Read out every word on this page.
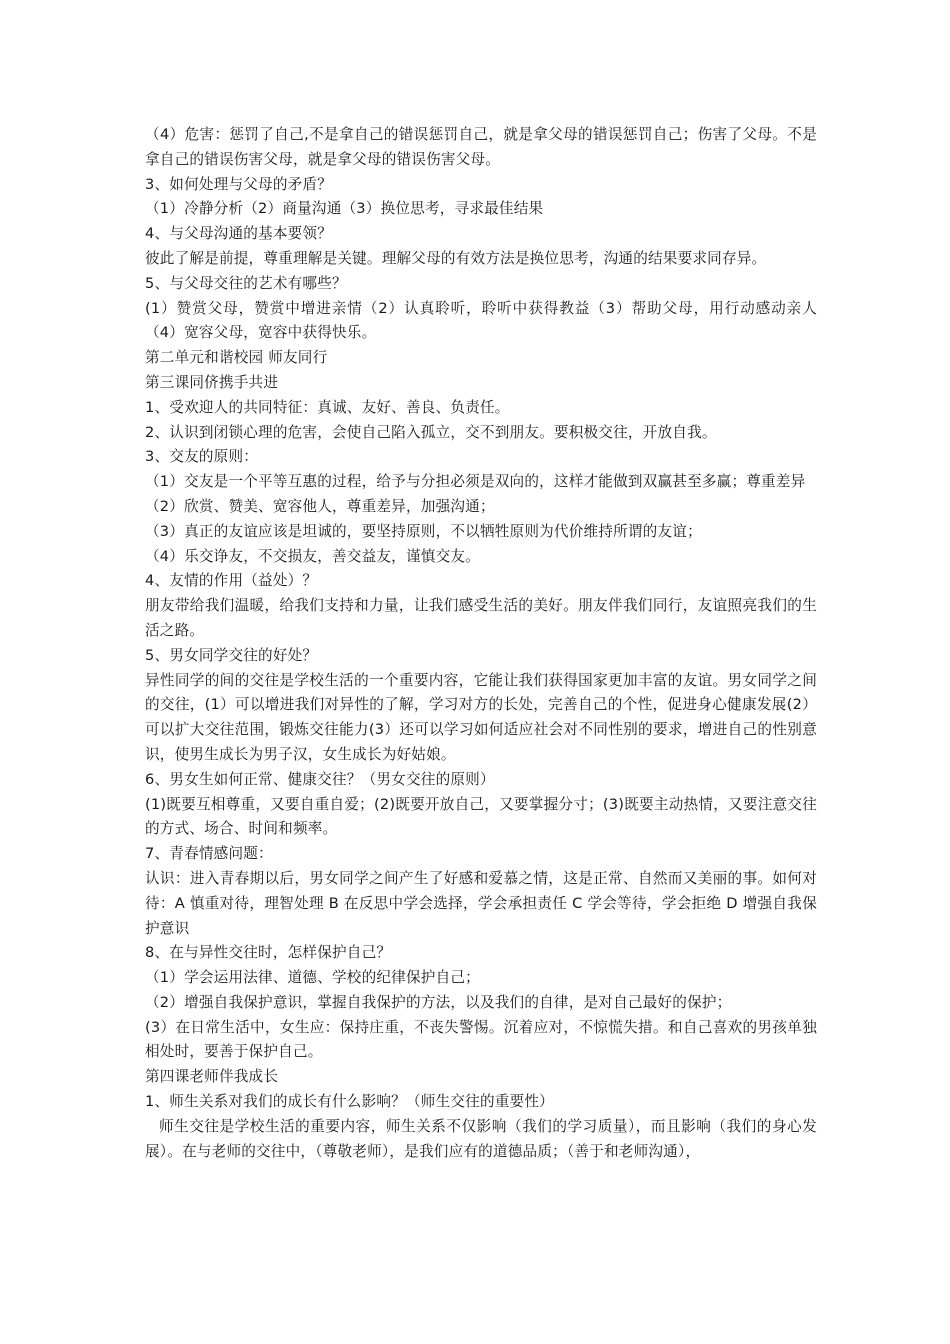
（4）危害：惩罚了自己,不是拿自己的错误惩罚自己，就是拿父母的错误惩罚自己；伤害了父母。不是拿自己的错误伤害父母，就是拿父母的错误伤害父母。

3、如何处理与父母的矛盾？

（1）冷静分析（2）商量沟通（3）换位思考，寻求最佳结果

4、与父母沟通的基本要领？

彼此了解是前提，尊重理解是关键。理解父母的有效方法是换位思考，沟通的结果要求同存异。

5、与父母交往的艺术有哪些？

(1）赞赏父母，赞赏中增进亲情（2）认真聆听，聆听中获得教益（3）帮助父母，用行动感动亲人（4）宽容父母，宽容中获得快乐。

第二单元和谐校园 师友同行

第三课同侪携手共进

1、受欢迎人的共同特征：真诚、友好、善良、负责任。

2、认识到闭锁心理的危害，会使自己陷入孤立，交不到朋友。要积极交往，开放自我。

3、交友的原则：

（1）交友是一个平等互惠的过程，给予与分担必须是双向的，这样才能做到双赢甚至多赢；尊重差异

（2）欣赏、赞美、宽容他人，尊重差异，加强沟通；

（3）真正的友谊应该是坦诚的，要坚持原则，不以牺牲原则为代价维持所谓的友谊；

（4）乐交诤友，不交损友，善交益友，谨慎交友。

4、友情的作用（益处）？

朋友带给我们温暖，给我们支持和力量，让我们感受生活的美好。朋友伴我们同行，友谊照亮我们的生活之路。

5、男女同学交往的好处？

异性同学的间的交往是学校生活的一个重要内容，它能让我们获得国家更加丰富的友谊。男女同学之间的交往，(1）可以增进我们对异性的了解，学习对方的长处，完善自己的个性，促进身心健康发展(2）可以扩大交往范围，锻炼交往能力(3）还可以学习如何适应社会对不同性别的要求，增进自己的性别意识，使男生成长为男子汉，女生成长为好姑娘。

6、男女生如何正常、健康交往？（男女交往的原则）

(1)既要互相尊重，又要自重自爱；(2)既要开放自己，又要掌握分寸；(3)既要主动热情，又要注意交往的方式、场合、时间和频率。

7、青春情感问题：

认识：进入青春期以后，男女同学之间产生了好感和爱慕之情，这是正常、自然而又美丽的事。如何对待：A 慎重对待，理智处理 B 在反思中学会选择，学会承担责任 C 学会等待，学会拒绝 D 增强自我保护意识

8、在与异性交往时，怎样保护自己？

（1）学会运用法律、道德、学校的纪律保护自己；

（2）增强自我保护意识，掌握自我保护的方法，以及我们的自律，是对自己最好的保护；

(3）在日常生活中，女生应：保持庄重，不丧失警惕。沉着应对，不惊慌失措。和自己喜欢的男孩单独相处时，要善于保护自己。

第四课老师伴我成长

1、师生关系对我们的成长有什么影响？（师生交往的重要性）

师生交往是学校生活的重要内容，师生关系不仅影响（我们的学习质量），而且影响（我们的身心发展）。在与老师的交往中，（尊敬老师），是我们应有的道德品质；（善于和老师沟通），
